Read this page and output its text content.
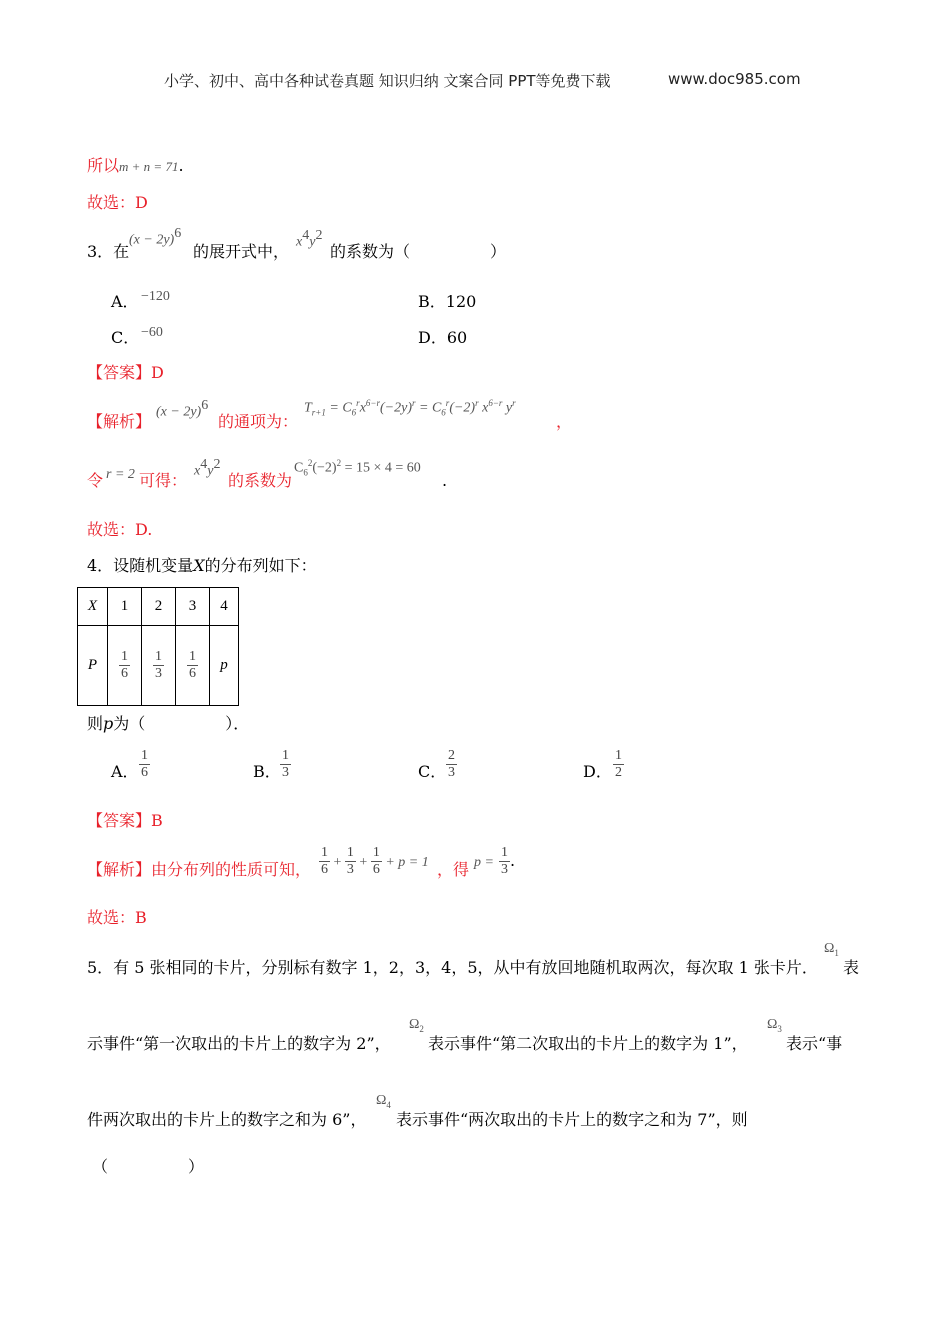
小学、初中、高中各种试卷真题 知识归纳 文案合同 PPT等免费下载	www.doc985.com
所以m + n = 71.
故选：D
3．在
$(x - 2y)^6$
的展开式中，
$x^4y^2$
的系数为（　　　　　）
A． −120	B．120
C． −60	D．60
【答案】D
【解析】
$(x - 2y)^6$
的通项为：
$T_{r+1} = C_6^rx^{6-r}(-2y)^r = C_6^r(-2)^r$ $x^{6-r}$ $y^r$
，
令 r = 2 可得：
$x^4y^2$
的系数为
$C_6^2(-2)^2 = 15 \times 4 = 60$
.
故选：D.
4．设随机变量X的分布列如下：
X	1	2	3	4
P	$\frac{1}{6}$	$\frac{1}{3}$	$\frac{1}{6}$	p
则p为（　　　　　）．
A． $\frac{1}{6}$	B． $\frac{1}{3}$	C． $\frac{2}{3}$	D． $\frac{1}{2}$
【答案】B
【解析】由分布列的性质可知， $\frac{1}{6} + \frac{1}{3} + \frac{1}{6} + p = 1$ ，得 $p = \frac{1}{3}$ .
故选：B
5．有 5 张相同的卡片，分别标有数字 1，2，3，4，5，从中有放回地随机取两次，每次取 1 张卡片．
$\Omega_1$
表
示事件“第一次取出的卡片上的数字为 2”，
$\Omega_2$
表示事件“第二次取出的卡片上的数字为 1”，
$\Omega_3$
表示“事
件两次取出的卡片上的数字之和为 6”，
$\Omega_4$
表示事件“两次取出的卡片上的数字之和为 7”，则
（　　　　　）
